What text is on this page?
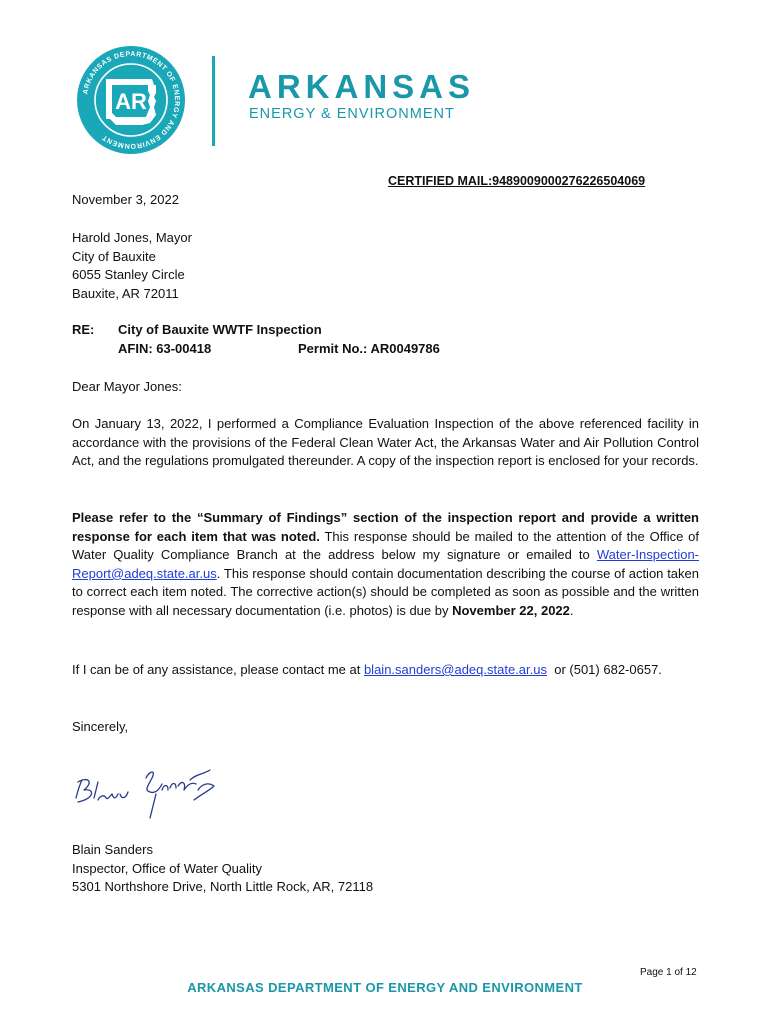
ARKANSAS DEPARTMENT OF ENERGY AND ENVIRONMENT
AR	ARKANSAS
ENERGY & ENVIRONMENT
CERTIFIED MAIL:9489009000276226504069
November 3, 2022
Harold Jones, Mayor
City of Bauxite
6055 Stanley Circle
Bauxite, AR 72011
RE: City of Bauxite WWTF Inspection
AFIN: 63-00418	Permit No.: AR0049786
Dear Mayor Jones:

On January 13, 2022, I performed a Compliance Evaluation Inspection of the above referenced facility in accordance with the provisions of the Federal Clean Water Act, the Arkansas Water and Air Pollution Control Act, and the regulations promulgated thereunder. A copy of the inspection report is enclosed for your records.

Please refer to the “Summary of Findings” section of the inspection report and provide a written response for each item that was noted. This response should be mailed to the attention of the Office of Water Quality Compliance Branch at the address below my signature or emailed to Water-Inspection-Report@adeq.state.ar.us. This response should contain documentation describing the course of action taken to correct each item noted. The corrective action(s) should be completed as soon as possible and the written response with all necessary documentation (i.e. photos) is due by November 22, 2022.

If I can be of any assistance, please contact me at blain.sanders@adeq.state.ar.us  or (501) 682-0657.

Sincerely,
Blain Sanders
Inspector, Office of Water Quality
5301 Northshore Drive, North Little Rock, AR, 72118
Page 1 of 12
ARKANSAS DEPARTMENT OF ENERGY AND ENVIRONMENT
